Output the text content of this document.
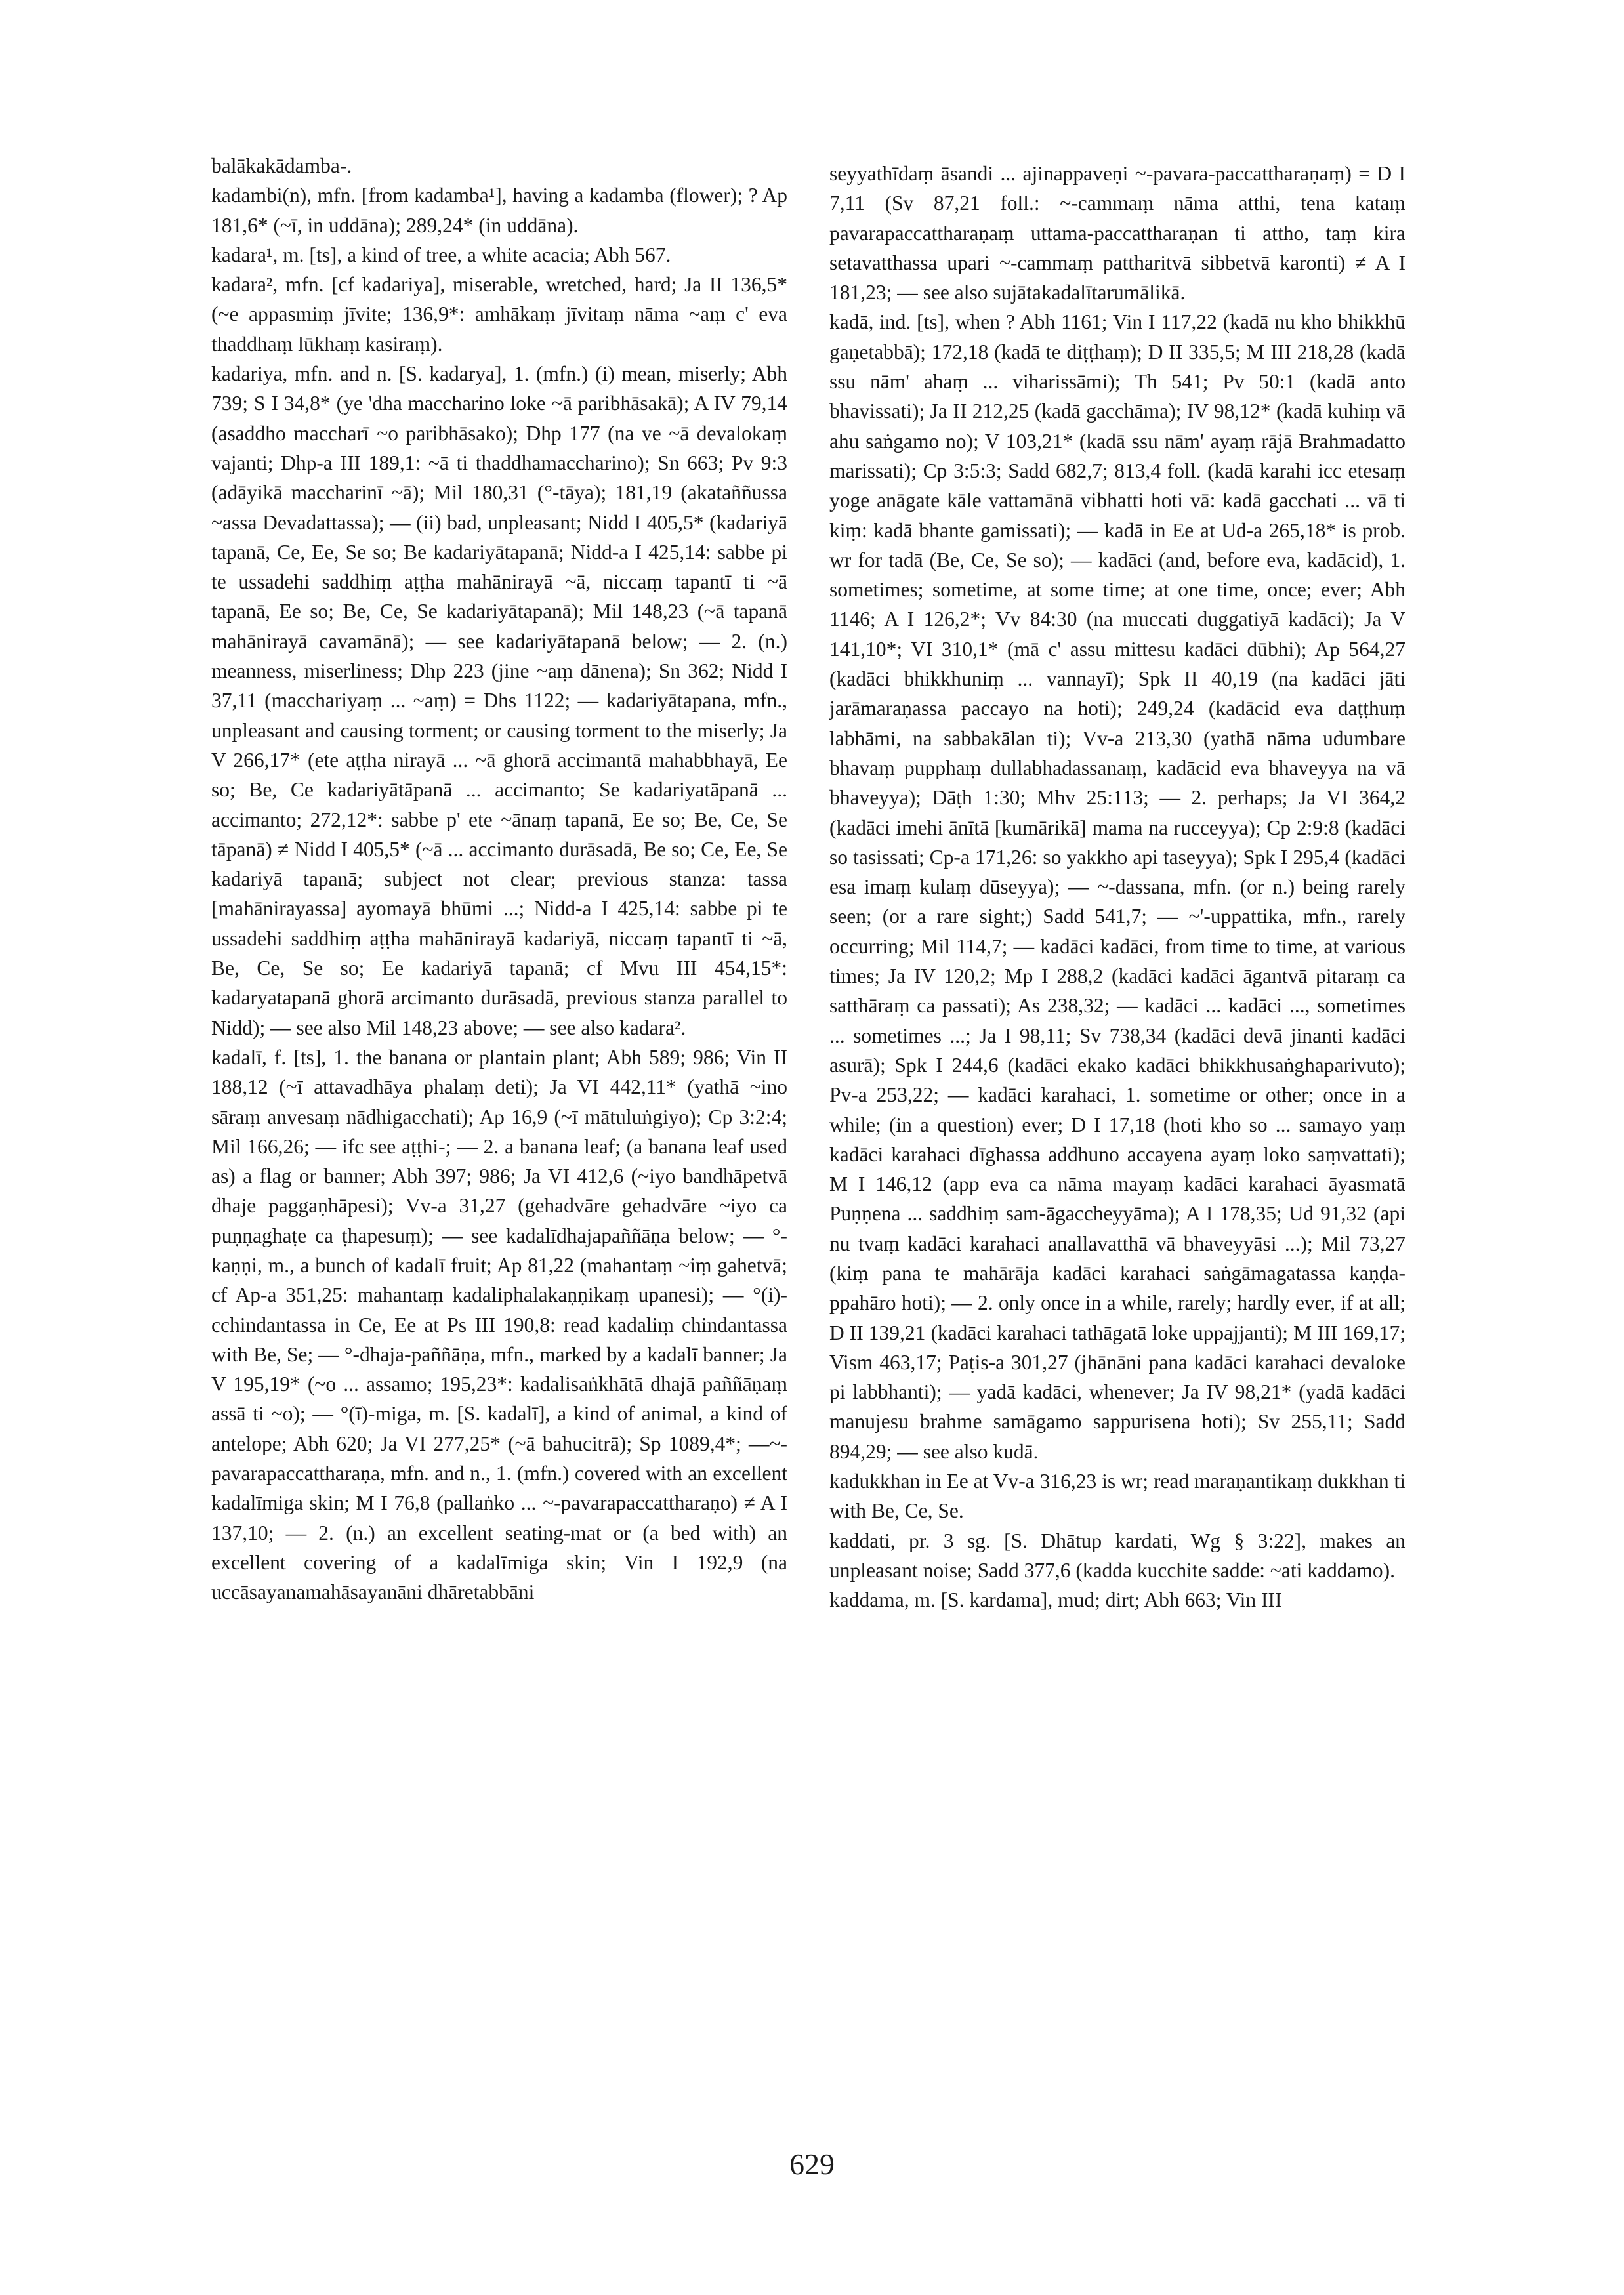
balākakādamba-.

kadambi(n), mfn. [from kadamba¹], having a kadamba (flower); ? Ap 181,6* (~ī, in uddāna); 289,24* (in uddāna).

kadara¹, m. [ts], a kind of tree, a white acacia; Abh 567.

kadara², mfn. [cf kadariya], miserable, wretched, hard; Ja II 136,5* (~e appasmiṃ jīvite; 136,9*: amhākaṃ jīvitaṃ nāma ~aṃ c' eva thaddhaṃ lūkhaṃ kasiraṃ).

kadariya, mfn. and n. [S. kadarya], 1. (mfn.) (i) mean, miserly; Abh 739; S I 34,8* (ye 'dha maccharino loke ~ā paribhāsakā); A IV 79,14 (asaddho maccharī ~o paribhāsako); Dhp 177 (na ve ~ā devalokaṃ vajanti; Dhp-a III 189,1: ~ā ti thaddhamaccharino); Sn 663; Pv 9:3 (adāyikā maccharinī ~ā); Mil 180,31 (°-tāya); 181,19 (akataññussa ~assa Devadattassa); — (ii) bad, unpleasant; Nidd I 405,5* (kadariyā tapanā, Ce, Ee, Se so; Be kadariyātapanā; Nidd-a I 425,14: sabbe pi te ussadehi saddhiṃ aṭṭha mahānirayā ~ā, niccaṃ tapantī ti ~ā tapanā, Ee so; Be, Ce, Se kadariyātapanā); Mil 148,23 (~ā tapanā mahānirayā cavamānā); — see kadariyātapanā below; — 2. (n.) meanness, miserliness; Dhp 223 (jine ~aṃ dānena); Sn 362; Nidd I 37,11 (macchariyaṃ ... ~aṃ) = Dhs 1122; — kadariyātapana, mfn., unpleasant and causing torment; or causing torment to the miserly; Ja V 266,17* (ete aṭṭha nirayā ... ~ā ghorā accimantā mahabbhayā, Ee so; Be, Ce kadariyātāpanā ... accimanto; Se kadariyatāpanā ... accimanto; 272,12*: sabbe p' ete ~ānaṃ tapanā, Ee so; Be, Ce, Se tāpanā) ≠ Nidd I 405,5* (~ā ... accimanto durāsadā, Be so; Ce, Ee, Se kadariyā tapanā; subject not clear; previous stanza: tassa [mahānirayassa] ayomayā bhūmi ...; Nidd-a I 425,14: sabbe pi te ussadehi saddhiṃ aṭṭha mahānirayā kadariyā, niccaṃ tapantī ti ~ā, Be, Ce, Se so; Ee kadariyā tapanā; cf Mvu III 454,15*: kadaryatapanā ghorā arcimanto durāsadā, previous stanza parallel to Nidd); — see also Mil 148,23 above; — see also kadara².

kadalī, f. [ts], 1. the banana or plantain plant; Abh 589; 986; Vin II 188,12 (~ī attavadhāya phalaṃ deti); Ja VI 442,11* (yathā ~ino sāraṃ anvesaṃ nādhigacchati); Ap 16,9 (~ī mātuluṅgiyo); Cp 3:2:4; Mil 166,26; — ifc see aṭṭhi-; — 2. a banana leaf; (a banana leaf used as) a flag or banner; Abh 397; 986; Ja VI 412,6 (~iyo bandhāpetvā dhaje paggaṇhāpesi); Vv-a 31,27 (gehadvāre gehadvāre ~iyo ca puṇṇaghaṭe ca ṭhapesuṃ); — see kadalīdhajapaññāṇa below; — °-kaṇṇi, m., a bunch of kadalī fruit; Ap 81,22 (mahantaṃ ~iṃ gahetvā; cf Ap-a 351,25: mahantaṃ kadaliphalakaṇṇikaṃ upanesi); — °(i)-cchindantassa in Ce, Ee at Ps III 190,8: read kadaliṃ chindantassa with Be, Se; — °-dhaja-paññāṇa, mfn., marked by a kadalī banner; Ja V 195,19* (~o ... assamo; 195,23*: kadalisaṅkhātā dhajā paññāṇaṃ assā ti ~o); — °(ī)-miga, m. [S. kadalī], a kind of animal, a kind of antelope; Abh 620; Ja VI 277,25* (~ā bahucitrā); Sp 1089,4*; —~-pavarapaccattharaṇa, mfn. and n., 1. (mfn.) covered with an excellent kadalīmiga skin; M I 76,8 (pallaṅko ... ~-pavarapaccattharaṇo) ≠ A I 137,10; — 2. (n.) an excellent seating-mat or (a bed with) an excellent covering of a kadalīmiga skin; Vin I 192,9 (na uccāsayanamahāsayanāni dhāretabbāni

seyyathīdaṃ āsandi ... ajinappaveṇi ~-pavara-paccattharaṇaṃ) = D I 7,11 (Sv 87,21 foll.: ~-cammaṃ nāma atthi, tena kataṃ pavarapaccattharaṇaṃ uttama-paccattharaṇan ti attho, taṃ kira setavatthassa upari ~-cammaṃ pattharitvā sibbetvā karonti) ≠ A I 181,23; — see also sujātakadalītarumālikā.

kadā, ind. [ts], when ? Abh 1161; Vin I 117,22 (kadā nu kho bhikkhū gaṇetabbā); 172,18 (kadā te diṭṭhaṃ); D II 335,5; M III 218,28 (kadā ssu nām' ahaṃ ... viharissāmi); Th 541; Pv 50:1 (kadā anto bhavissati); Ja II 212,25 (kadā gacchāma); IV 98,12* (kadā kuhiṃ vā ahu saṅgamo no); V 103,21* (kadā ssu nām' ayaṃ rājā Brahmadatto marissati); Cp 3:5:3; Sadd 682,7; 813,4 foll. (kadā karahi icc etesaṃ yoge anāgate kāle vattamānā vibhatti hoti vā: kadā gacchati ... vā ti kiṃ: kadā bhante gamissati); — kadā in Ee at Ud-a 265,18* is prob. wr for tadā (Be, Ce, Se so); — kadāci (and, before eva, kadācid), 1. sometimes; sometime, at some time; at one time, once; ever; Abh 1146; A I 126,2*; Vv 84:30 (na muccati duggatiyā kadāci); Ja V 141,10*; VI 310,1* (mā c' assu mittesu kadāci dūbhi); Ap 564,27 (kadāci bhikkhuniṃ ... vannayī); Spk II 40,19 (na kadāci jāti jarāmaraṇassa paccayo na hoti); 249,24 (kadācid eva daṭṭhuṃ labhāmi, na sabbakālan ti); Vv-a 213,30 (yathā nāma udumbare bhavaṃ pupphaṃ dullabhadassanaṃ, kadācid eva bhaveyya na vā bhaveyya); Dāṭh 1:30; Mhv 25:113; — 2. perhaps; Ja VI 364,2 (kadāci imehi ānītā [kumārikā] mama na rucceyya); Cp 2:9:8 (kadāci so tasissati; Cp-a 171,26: so yakkho api taseyya); Spk I 295,4 (kadāci esa imaṃ kulaṃ dūseyya); — ~-dassana, mfn. (or n.) being rarely seen; (or a rare sight;) Sadd 541,7; — ~'-uppattika, mfn., rarely occurring; Mil 114,7; — kadāci kadāci, from time to time, at various times; Ja IV 120,2; Mp I 288,2 (kadāci kadāci āgantvā pitaraṃ ca satthāraṃ ca passati); As 238,32; — kadāci ... kadāci ..., sometimes ... sometimes ...; Ja I 98,11; Sv 738,34 (kadāci devā jinanti kadāci asurā); Spk I 244,6 (kadāci ekako kadāci bhikkhusaṅghaparivuto); Pv-a 253,22; — kadāci karahaci, 1. sometime or other; once in a while; (in a question) ever; D I 17,18 (hoti kho so ... samayo yaṃ kadāci karahaci dīghassa addhuno accayena ayaṃ loko saṃvattati); M I 146,12 (app eva ca nāma mayaṃ kadāci karahaci āyasmatā Puṇṇena ... saddhiṃ sam-āgaccheyyāma); A I 178,35; Ud 91,32 (api nu tvaṃ kadāci karahaci anallavatthā vā bhaveyyāsi ...); Mil 73,27 (kiṃ pana te mahārāja kadāci karahaci saṅgāmagatassa kaṇḍa-ppahāro hoti); — 2. only once in a while, rarely; hardly ever, if at all; D II 139,21 (kadāci karahaci tathāgatā loke uppajjanti); M III 169,17; Vism 463,17; Paṭis-a 301,27 (jhānāni pana kadāci karahaci devaloke pi labbhanti); — yadā kadāci, whenever; Ja IV 98,21* (yadā kadāci manujesu brahme samāgamo sappurisena hoti); Sv 255,11; Sadd 894,29; — see also kudā.

kadukkhan in Ee at Vv-a 316,23 is wr; read maraṇantikaṃ dukkhan ti with Be, Ce, Se.

kaddati, pr. 3 sg. [S. Dhātup kardati, Wg § 3:22], makes an unpleasant noise; Sadd 377,6 (kadda kucchite sadde: ~ati kaddamo).

kaddama, m. [S. kardama], mud; dirt; Abh 663; Vin III

629
